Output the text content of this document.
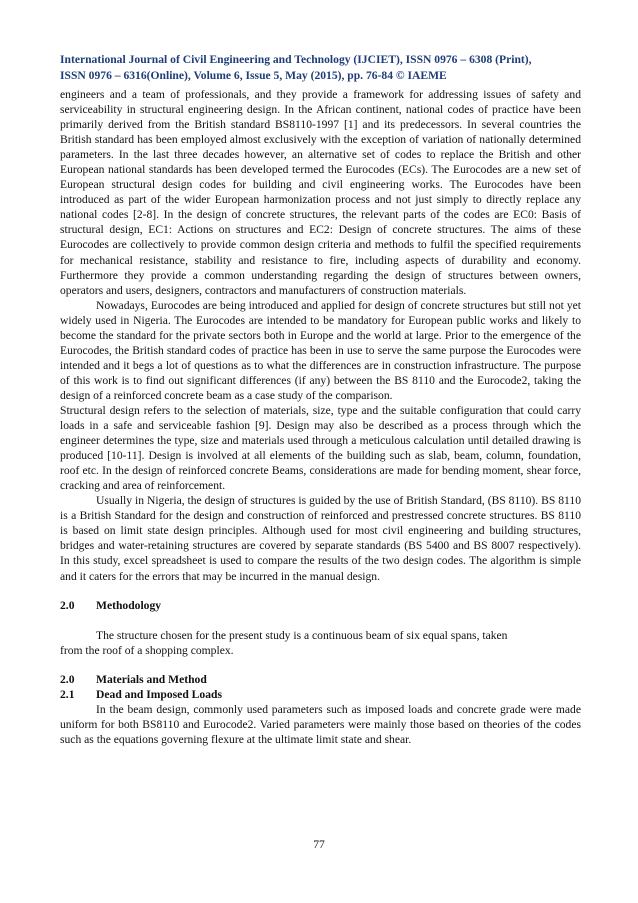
International Journal of Civil Engineering and Technology (IJCIET), ISSN 0976 – 6308 (Print),
ISSN 0976 – 6316(Online), Volume 6, Issue 5, May (2015), pp. 76-84 © IAEME

engineers and a team of professionals, and they provide a framework for addressing issues of safety and serviceability in structural engineering design. In the African continent, national codes of practice have been primarily derived from the British standard BS8110-1997 [1] and its predecessors. In several countries the British standard has been employed almost exclusively with the exception of variation of nationally determined parameters. In the last three decades however, an alternative set of codes to replace the British and other European national standards has been developed termed the Eurocodes (ECs). The Eurocodes are a new set of European structural design codes for building and civil engineering works. The Eurocodes have been introduced as part of the wider European harmonization process and not just simply to directly replace any national codes [2-8]. In the design of concrete structures, the relevant parts of the codes are EC0: Basis of structural design, EC1: Actions on structures and EC2: Design of concrete structures. The aims of these Eurocodes are collectively to provide common design criteria and methods to fulfil the specified requirements for mechanical resistance, stability and resistance to fire, including aspects of durability and economy. Furthermore they provide a common understanding regarding the design of structures between owners, operators and users, designers, contractors and manufacturers of construction materials.

Nowadays, Eurocodes are being introduced and applied for design of concrete structures but still not yet widely used in Nigeria. The Eurocodes are intended to be mandatory for European public works and likely to become the standard for the private sectors both in Europe and the world at large. Prior to the emergence of the Eurocodes, the British standard codes of practice has been in use to serve the same purpose the Eurocodes were intended and it begs a lot of questions as to what the differences are in construction infrastructure. The purpose of this work is to find out significant differences (if any) between the BS 8110 and the Eurocode2, taking the design of a reinforced concrete beam as a case study of the comparison.

Structural design refers to the selection of materials, size, type and the suitable configuration that could carry loads in a safe and serviceable fashion [9]. Design may also be described as a process through which the engineer determines the type, size and materials used through a meticulous calculation until detailed drawing is produced [10-11]. Design is involved at all elements of the building such as slab, beam, column, foundation, roof etc. In the design of reinforced concrete Beams, considerations are made for bending moment, shear force, cracking and area of reinforcement.

Usually in Nigeria, the design of structures is guided by the use of British Standard, (BS 8110). BS 8110 is a British Standard for the design and construction of reinforced and prestressed concrete structures. BS 8110 is based on limit state design principles. Although used for most civil engineering and building structures, bridges and water-retaining structures are covered by separate standards (BS 5400 and BS 8007 respectively). In this study, excel spreadsheet is used to compare the results of the two design codes. The algorithm is simple and it caters for the errors that may be incurred in the manual design.

2.0 Methodology

The structure chosen for the present study is a continuous beam of six equal spans, taken
from the roof of a shopping complex.

2.0 Materials and Method

2.1 Dead and Imposed Loads

In the beam design, commonly used parameters such as imposed loads and concrete grade were made uniform for both BS8110 and Eurocode2. Varied parameters were mainly those based on theories of the codes such as the equations governing flexure at the ultimate limit state and shear.

77
